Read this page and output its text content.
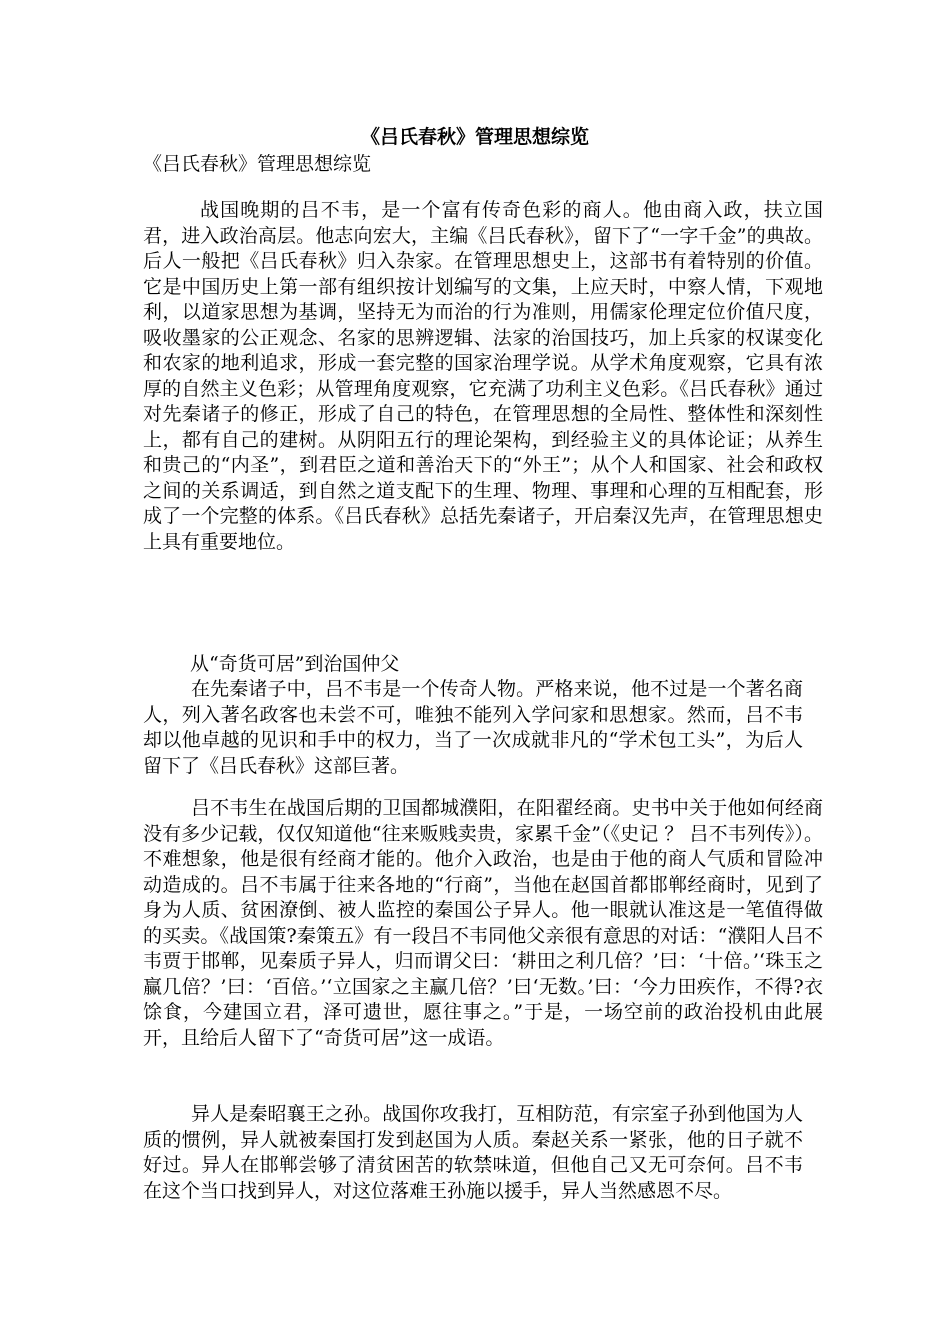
《吕氏春秋》管理思想综览

《吕氏春秋》管理思想综览

战国晚期的吕不韦，是一个富有传奇色彩的商人。他由商入政，扶立国君，进入政治高层。他志向宏大，主编《吕氏春秋》，留下了“一字千金”的典故。后人一般把《吕氏春秋》归入杂家。在管理思想史上，这部书有着特别的价值。它是中国历史上第一部有组织按计划编写的文集，上应天时，中察人情，下观地利，以道家思想为基调，坚持无为而治的行为准则，用儒家伦理定位价值尺度，吸收墨家的公正观念、名家的思辨逻辑、法家的治国技巧，加上兵家的权谋变化和农家的地利追求，形成一套完整的国家治理学说。从学术角度观察，它具有浓厚的自然主义色彩；从管理角度观察，它充满了功利主义色彩。《吕氏春秋》通过对先秦诸子的修正，形成了自己的特色，在管理思想的全局性、整体性和深刻性上，都有自己的建树。从阴阳五行的理论架构，到经验主义的具体论证；从养生和贵己的“内圣”，到君臣之道和善治天下的“外王”；从个人和国家、社会和政权之间的关系调适，到自然之道支配下的生理、物理、事理和心理的互相配套，形成了一个完整的体系。《吕氏春秋》总括先秦诸子，开启秦汉先声，在管理思想史上具有重要地位。

从“奇货可居”到治国仲父

在先秦诸子中，吕不韦是一个传奇人物。严格来说，他不过是一个著名商人，列入著名政客也未尝不可，唯独不能列入学问家和思想家。然而，吕不韦却以他卓越的见识和手中的权力，当了一次成就非凡的“学术包工头”，为后人留下了《吕氏春秋》这部巨著。

吕不韦生在战国后期的卫国都城濮阳，在阳翟经商。史书中关于他如何经商没有多少记载，仅仅知道他“往来贩贱卖贵，家累千金”（《史记 ？ 吕不韦列传》）。不难想象，他是很有经商才能的。他介入政治，也是由于他的商人气质和冒险冲动造成的。吕不韦属于往来各地的“行商”，当他在赵国首都邯郸经商时，见到了身为人质、贫困潦倒、被人监控的秦国公子异人。他一眼就认准这是一笔值得做的买卖。《战国策?秦策五》有一段吕不韦同他父亲很有意思的对话：“濮阳人吕不韦贾于邯郸，见秦质子异人，归而谓父曰：‘耕田之利几倍？’曰：‘十倍。’‘珠玉之赢几倍？’曰：‘百倍。’‘立国家之主赢几倍？’曰‘无数。’曰：‘今力田疾作，不得?衣馀食，今建国立君，泽可遗世，愿往事之。”于是，一场空前的政治投机由此展开，且给后人留下了“奇货可居”这一成语。

异人是秦昭襄王之孙。战国你攻我打，互相防范，有宗室子孙到他国为人质的惯例，异人就被秦国打发到赵国为人质。秦赵关系一紧张，他的日子就不好过。异人在邯郸尝够了清贫困苦的软禁味道，但他自己又无可奈何。吕不韦在这个当口找到异人，对这位落难王孙施以援手，异人当然感恩不尽。
